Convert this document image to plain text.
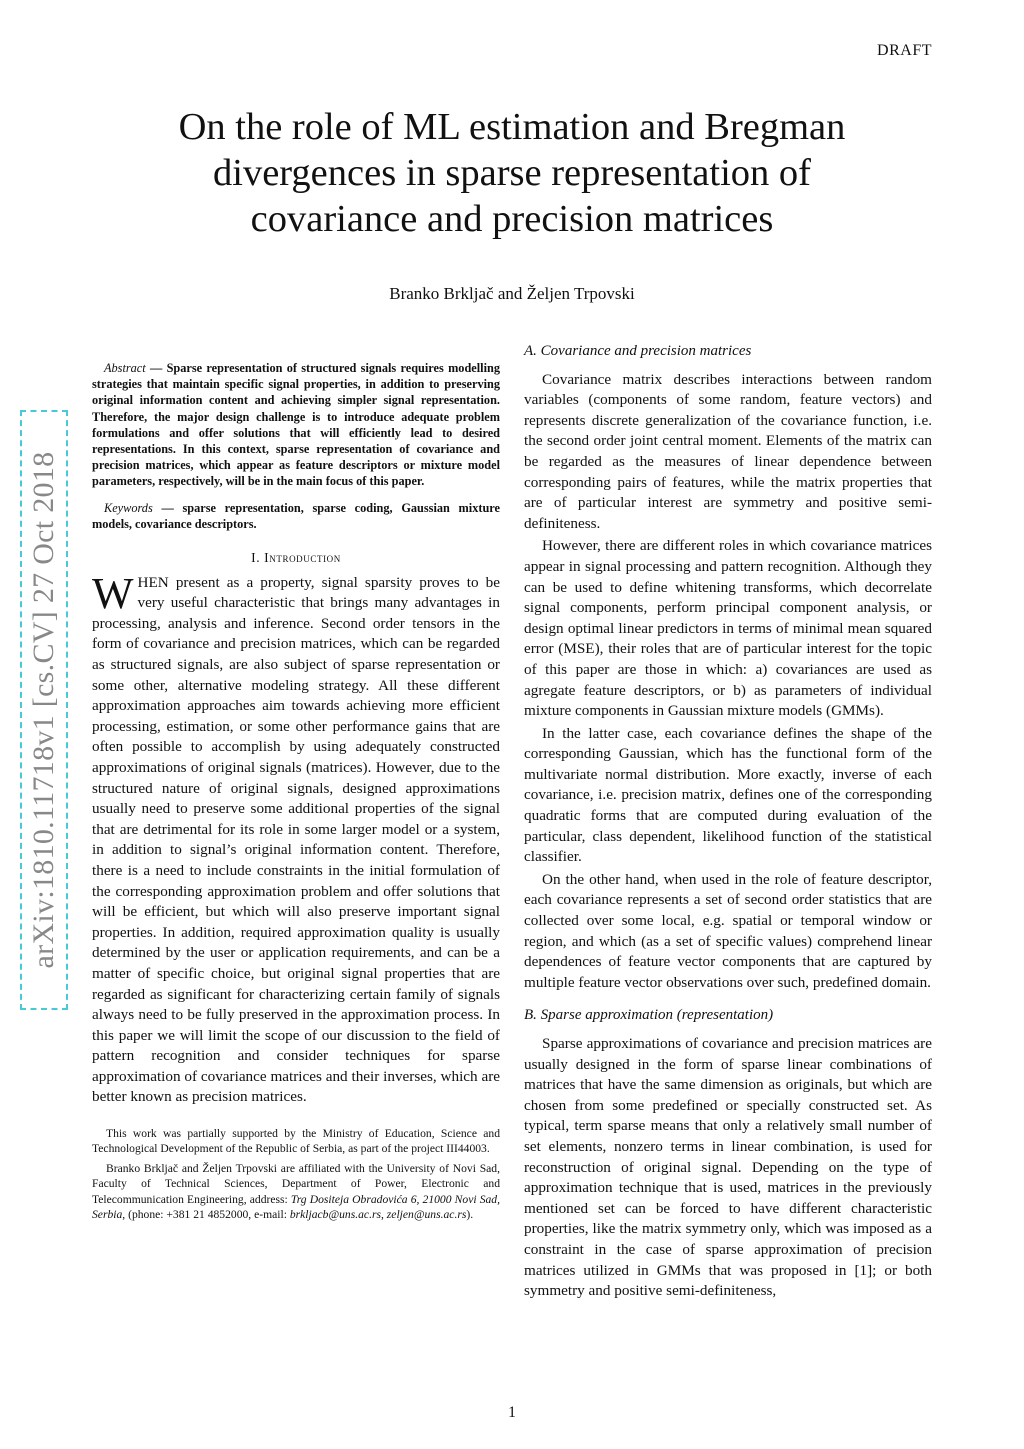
DRAFT
On the role of ML estimation and Bregman
divergences in sparse representation of
covariance and precision matrices
Branko Brkljač and Željen Trpovski
arXiv:1810.11718v1 [cs.CV] 27 Oct 2018

Abstract — Sparse representation of structured signals requires modelling strategies that maintain specific signal properties, in addition to preserving original information content and achieving simpler signal representation. Therefore, the major design challenge is to introduce adequate problem formulations and offer solutions that will efficiently lead to desired representations. In this context, sparse representation of covariance and precision matrices, which appear as feature descriptors or mixture model parameters, respectively, will be in the main focus of this paper.

Keywords — sparse representation, sparse coding, Gaussian mixture models, covariance descriptors.

I. Introduction

WHEN present as a property, signal sparsity proves to be very useful characteristic that brings many advantages in processing, analysis and inference. Second order tensors in the form of covariance and precision matrices, which can be regarded as structured signals, are also subject of sparse representation or some other, alternative modeling strategy. All these different approximation approaches aim towards achieving more efficient processing, estimation, or some other performance gains that are often possible to accomplish by using adequately constructed approximations of original signals (matrices). However, due to the structured nature of original signals, designed approximations usually need to preserve some additional properties of the signal that are detrimental for its role in some larger model or a system, in addition to signal’s original information content. Therefore, there is a need to include constraints in the initial formulation of the corresponding approximation problem and offer solutions that will be efficient, but which will also preserve important signal properties. In addition, required approximation quality is usually determined by the user or application requirements, and can be a matter of specific choice, but original signal properties that are regarded as significant for characterizing certain family of signals always need to be fully preserved in the approximation process. In this paper we will limit the scope of our discussion to the field of pattern recognition and consider techniques for sparse approximation of covariance matrices and their inverses, which are better known as precision matrices.

This work was partially supported by the Ministry of Education, Science and Technological Development of the Republic of Serbia, as part of the project III44003.

Branko Brkljač and Željen Trpovski are affiliated with the University of Novi Sad, Faculty of Technical Sciences, Department of Power, Electronic and Telecommunication Engineering, address: Trg Dositeja Obradovića 6, 21000 Novi Sad, Serbia, (phone: +381 21 4852000, e-mail: brkljacb@uns.ac.rs, zeljen@uns.ac.rs).

A. Covariance and precision matrices

Covariance matrix describes interactions between random variables (components of some random, feature vectors) and represents discrete generalization of the covariance function, i.e. the second order joint central moment. Elements of the matrix can be regarded as the measures of linear dependence between corresponding pairs of features, while the matrix properties that are of particular interest are symmetry and positive semi-definiteness.

However, there are different roles in which covariance matrices appear in signal processing and pattern recognition. Although they can be used to define whitening transforms, which decorrelate signal components, perform principal component analysis, or design optimal linear predictors in terms of minimal mean squared error (MSE), their roles that are of particular interest for the topic of this paper are those in which: a) covariances are used as agregate feature descriptors, or b) as parameters of individual mixture components in Gaussian mixture models (GMMs).

In the latter case, each covariance defines the shape of the corresponding Gaussian, which has the functional form of the multivariate normal distribution. More exactly, inverse of each covariance, i.e. precision matrix, defines one of the corresponding quadratic forms that are computed during evaluation of the particular, class dependent, likelihood function of the statistical classifier.

On the other hand, when used in the role of feature descriptor, each covariance represents a set of second order statistics that are collected over some local, e.g. spatial or temporal window or region, and which (as a set of specific values) comprehend linear dependences of feature vector components that are captured by multiple feature vector observations over such, predefined domain.

B. Sparse approximation (representation)

Sparse approximations of covariance and precision matrices are usually designed in the form of sparse linear combinations of matrices that have the same dimension as originals, but which are chosen from some predefined or specially constructed set. As typical, term sparse means that only a relatively small number of set elements, nonzero terms in linear combination, is used for reconstruction of original signal. Depending on the type of approximation technique that is used, matrices in the previously mentioned set can be forced to have different characteristic properties, like the matrix symmetry only, which was imposed as a constraint in the case of sparse approximation of precision matrices utilized in GMMs that was proposed in [1]; or both symmetry and positive semi-definiteness,

1
